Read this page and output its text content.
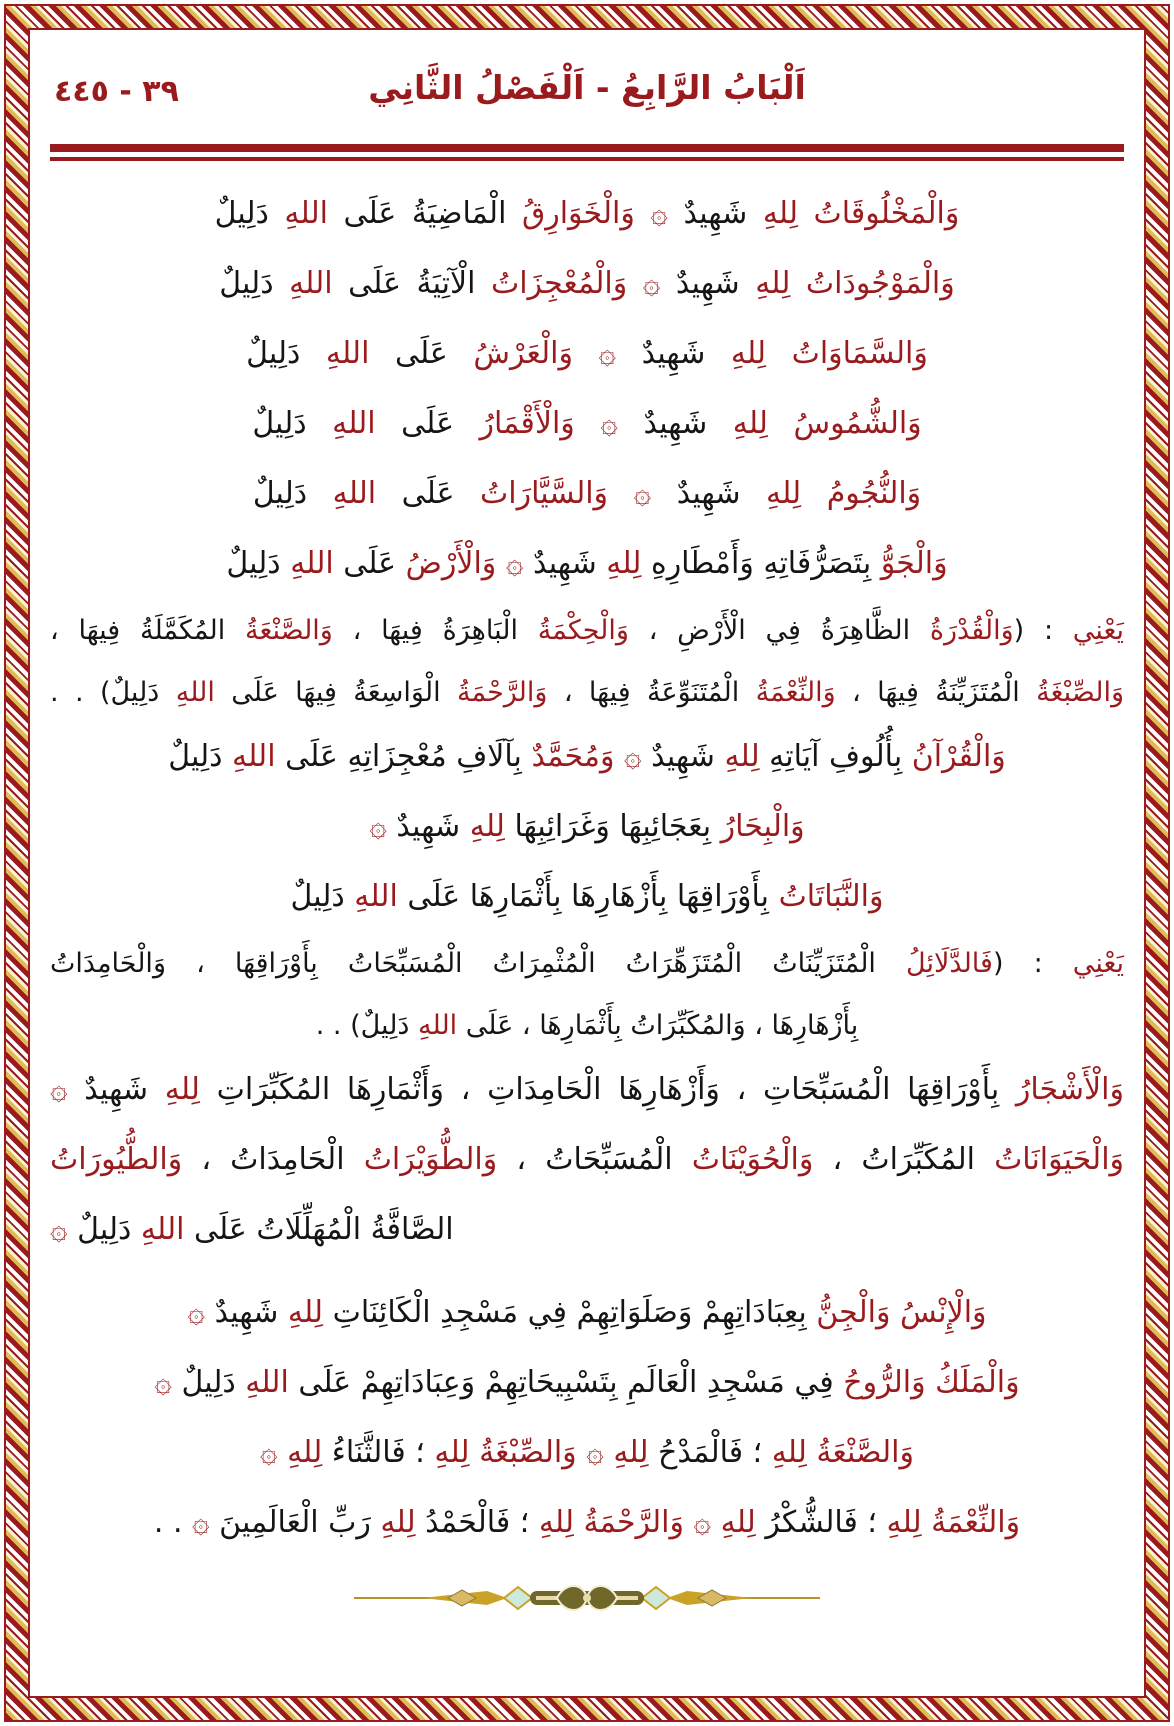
٣٩ - ٤٤٥	اَلْبَابُ الرَّابِعُ - اَلْفَصْلُ الثَّانِي
وَالْمَخْلُوقَاتُ لِلهِ شَهِيدٌ ۞ وَالْخَوَارِقُ الْمَاضِيَةُ عَلَى اللهِ دَلِيلٌ
وَالْمَوْجُودَاتُ لِلهِ شَهِيدٌ ۞ وَالْمُعْجِزَاتُ الْآتِيَةُ عَلَى اللهِ دَلِيلٌ
وَالسَّمَاوَاتُ لِلهِ شَهِيدٌ ۞ وَالْعَرْشُ عَلَى اللهِ دَلِيلٌ
وَالشُّمُوسُ لِلهِ شَهِيدٌ ۞ وَالْأَقْمَارُ عَلَى اللهِ دَلِيلٌ
وَالنُّجُومُ لِلهِ شَهِيدٌ ۞ وَالسَّيَّارَاتُ عَلَى اللهِ دَلِيلٌ
وَالْجَوُّ بِتَصَرُّفَاتِهِ وَأَمْطَارِهِ لِلهِ شَهِيدٌ ۞ وَالْأَرْضُ عَلَى اللهِ دَلِيلٌ
يَعْنِي : (وَالْقُدْرَةُ الظَّاهِرَةُ فِي الْأَرْضِ ، وَالْحِكْمَةُ الْبَاهِرَةُ فِيهَا ، وَالصَّنْعَةُ المُكَمَّلَةُ فِيهَا ،
وَالصِّبْغَةُ الْمُتَزَيِّنَةُ فِيهَا ، وَالنِّعْمَةُ الْمُتَنَوِّعَةُ فِيهَا ، وَالرَّحْمَةُ الْوَاسِعَةُ فِيهَا عَلَى اللهِ دَلِيلٌ) . .
وَالْقُرْآنُ بِأُلُوفِ آيَاتِهِ لِلهِ شَهِيدٌ ۞ وَمُحَمَّدٌ بِآلَافِ مُعْجِزَاتِهِ عَلَى اللهِ دَلِيلٌ
وَالْبِحَارُ بِعَجَائِبِهَا وَغَرَائِبِهَا لِلهِ شَهِيدٌ ۞
وَالنَّبَاتَاتُ بِأَوْرَاقِهَا بِأَزْهَارِهَا بِأَثْمَارِهَا عَلَى اللهِ دَلِيلٌ
يَعْنِي : (فَالدَّلَائِلُ الْمُتَزَيِّنَاتُ الْمُتَزَهِّرَاتُ الْمُثْمِرَاتُ الْمُسَبِّحَاتُ بِأَوْرَاقِهَا ، وَالْحَامِدَاتُ
بِأَزْهَارِهَا ، وَالمُكَبِّرَاتُ بِأَثْمَارِهَا ، عَلَى اللهِ دَلِيلٌ) . .
وَالْأَشْجَارُ بِأَوْرَاقِهَا الْمُسَبِّحَاتِ ، وَأَزْهَارِهَا الْحَامِدَاتِ ، وَأَثْمَارِهَا المُكَبِّرَاتِ لِلهِ شَهِيدٌ ۞
وَالْحَيَوَانَاتُ المُكَبِّرَاتُ ، وَالْحُوَيْنَاتُ الْمُسَبِّحَاتُ ، وَالطُّوَيْرَاتُ الْحَامِدَاتُ ، وَالطُّيُورَاتُ
الصَّافَّةُ الْمُهَلِّلَاتُ عَلَى اللهِ دَلِيلٌ ۞
وَالْإِنْسُ وَالْجِنُّ بِعِبَادَاتِهِمْ وَصَلَوَاتِهِمْ فِي مَسْجِدِ الْكَائِنَاتِ لِلهِ شَهِيدٌ ۞
وَالْمَلَكُ وَالرُّوحُ فِي مَسْجِدِ الْعَالَمِ بِتَسْبِيحَاتِهِمْ وَعِبَادَاتِهِمْ عَلَى اللهِ دَلِيلٌ ۞
وَالصَّنْعَةُ لِلهِ ؛ فَالْمَدْحُ لِلهِ ۞ وَالصِّبْغَةُ لِلهِ ؛ فَالثَّنَاءُ لِلهِ ۞
وَالنِّعْمَةُ لِلهِ ؛ فَالشُّكْرُ لِلهِ ۞ وَالرَّحْمَةُ لِلهِ ؛ فَالْحَمْدُ لِلهِ رَبِّ الْعَالَمِينَ ۞ . .
